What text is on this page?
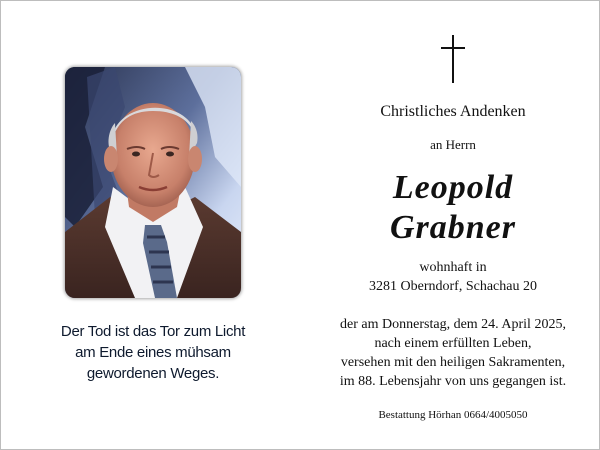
Der Tod ist das Tor zum Licht
am Ende eines mühsam
gewordenen Weges.
Christliches Andenken
an Herrn
Leopold
Grabner
wohnhaft in
3281 Oberndorf, Schachau 20
der am Donnerstag, dem 24. April 2025,
nach einem erfüllten Leben,
versehen mit den heiligen Sakramenten,
im 88. Lebensjahr von uns gegangen ist.
Bestattung Hörhan 0664/4005050
